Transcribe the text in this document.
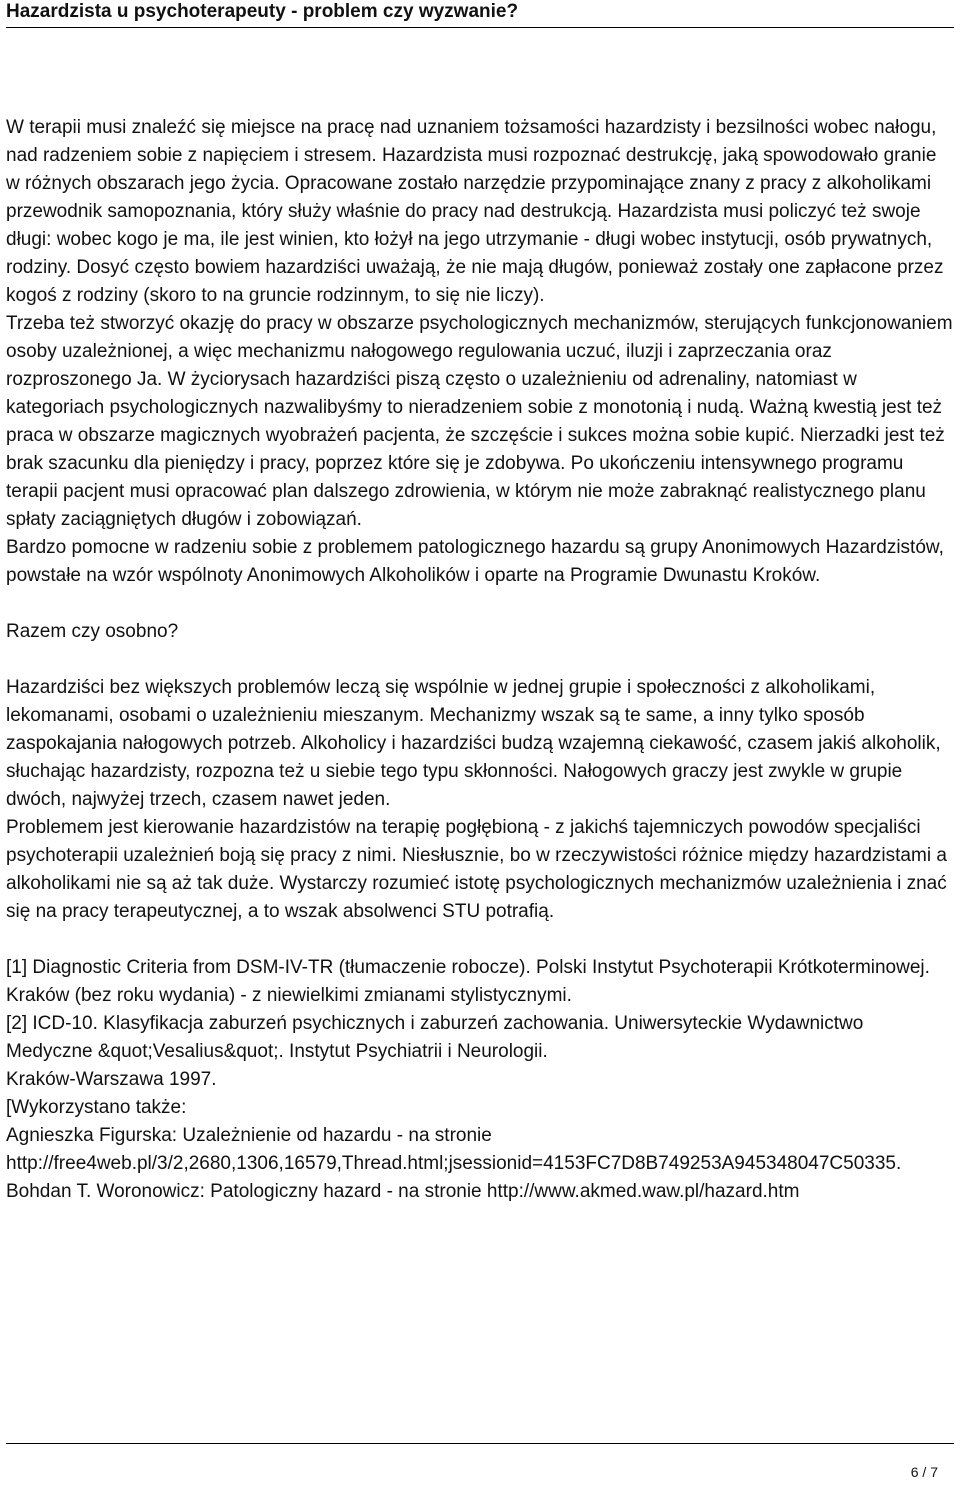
Hazardzista u psychoterapeuty - problem czy wyzwanie?

W terapii musi znaleźć się miejsce na pracę nad uznaniem tożsamości hazardzisty i bezsilności wobec nałogu, nad radzeniem sobie z napięciem i stresem. Hazardzista musi rozpoznać destrukcję, jaką spowodowało granie w różnych obszarach jego życia. Opracowane zostało narzędzie przypominające znany z pracy z alkoholikami przewodnik samopoznania, który służy właśnie do pracy nad destrukcją. Hazardzista musi policzyć też swoje długi: wobec kogo je ma, ile jest winien, kto łożył na jego utrzymanie - długi wobec instytucji, osób prywatnych, rodziny. Dosyć często bowiem hazardziści uważają, że nie mają długów, ponieważ zostały one zapłacone przez kogoś z rodziny (skoro to na gruncie rodzinnym, to się nie liczy).

Trzeba też stworzyć okazję do pracy w obszarze psychologicznych mechanizmów, sterujących funkcjonowaniem osoby uzależnionej, a więc mechanizmu nałogowego regulowania uczuć, iluzji i zaprzeczania oraz rozproszonego Ja. W życiorysach hazardziści piszą często o uzależnieniu od adrenaliny, natomiast w kategoriach psychologicznych nazwalibyśmy to nieradzeniem sobie z monotonią i nudą. Ważną kwestią jest też praca w obszarze magicznych wyobrażeń pacjenta, że szczęście i sukces można sobie kupić. Nierzadki jest też brak szacunku dla pieniędzy i pracy, poprzez które się je zdobywa. Po ukończeniu intensywnego programu terapii pacjent musi opracować plan dalszego zdrowienia, w którym nie może zabraknąć realistycznego planu spłaty zaciągniętych długów i zobowiązań.

Bardzo pomocne w radzeniu sobie z problemem patologicznego hazardu są grupy Anonimowych Hazardzistów, powstałe na wzór wspólnoty Anonimowych Alkoholików i oparte na Programie Dwunastu Kroków.

Razem czy osobno?

Hazardziści bez większych problemów leczą się wspólnie w jednej grupie i społeczności z alkoholikami, lekomanami, osobami o uzależnieniu mieszanym. Mechanizmy wszak są te same, a inny tylko sposób zaspokajania nałogowych potrzeb. Alkoholicy i hazardziści budzą wzajemną ciekawość, czasem jakiś alkoholik, słuchając hazardzisty, rozpozna też u siebie tego typu skłonności. Nałogowych graczy jest zwykle w grupie dwóch, najwyżej trzech, czasem nawet jeden.

Problemem jest kierowanie hazardzistów na terapię pogłębioną - z jakichś tajemniczych powodów specjaliści psychoterapii uzależnień boją się pracy z nimi. Niesłusznie, bo w rzeczywistości różnice między hazardzistami a alkoholikami nie są aż tak duże. Wystarczy rozumieć istotę psychologicznych mechanizmów uzależnienia i znać się na pracy terapeutycznej, a to wszak absolwenci STU potrafią.

[1] Diagnostic Criteria from DSM-IV-TR (tłumaczenie robocze). Polski Instytut Psychoterapii Krótkoterminowej. Kraków (bez roku wydania) - z niewielkimi zmianami stylistycznymi.

[2] ICD-10. Klasyfikacja zaburzeń psychicznych i zaburzeń zachowania. Uniwersyteckie Wydawnictwo Medyczne &quot;Vesalius&quot;. Instytut Psychiatrii i Neurologii.

Kraków-Warszawa 1997.

[Wykorzystano także:

Agnieszka Figurska: Uzależnienie od hazardu - na stronie

http://free4web.pl/3/2,2680,1306,16579,Thread.html;jsessionid=4153FC7D8B749253A945348047C50335.

Bohdan T. Woronowicz: Patologiczny hazard - na stronie http://www.akmed.waw.pl/hazard.htm

6 / 7
